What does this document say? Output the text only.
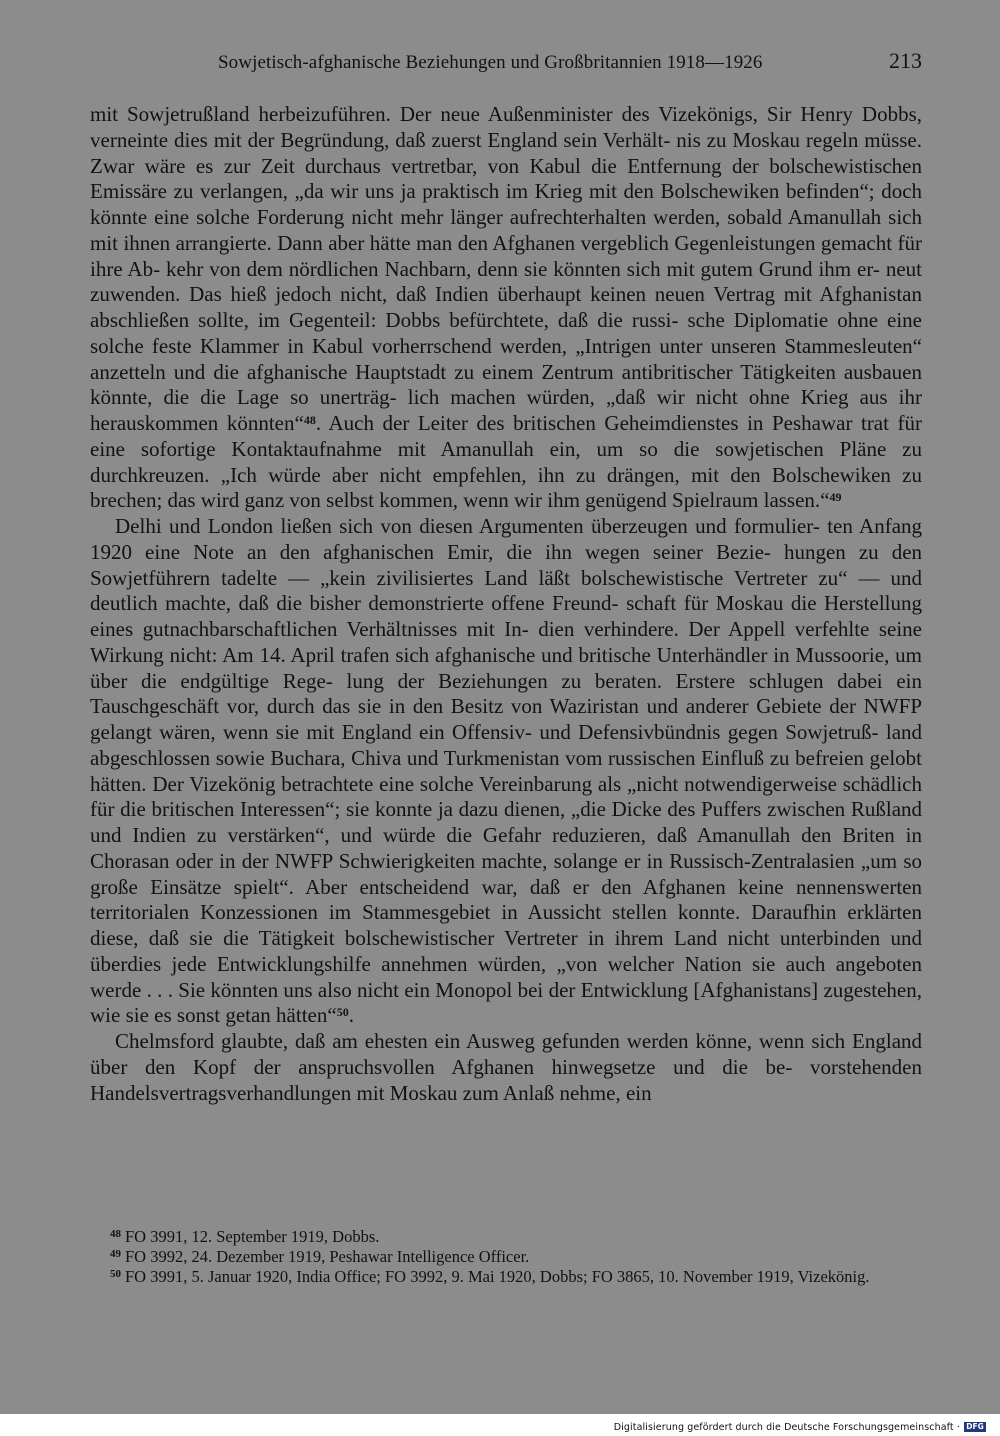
Sowjetisch-afghanische Beziehungen und Großbritannien 1918—1926	213

mit Sowjetrußland herbeizuführen. Der neue Außenminister des Vizekönigs, Sir Henry Dobbs, verneinte dies mit der Begründung, daß zuerst England sein Verhält- nis zu Moskau regeln müsse. Zwar wäre es zur Zeit durchaus vertretbar, von Kabul die Entfernung der bolschewistischen Emissäre zu verlangen, „da wir uns ja praktisch im Krieg mit den Bolschewiken befinden“; doch könnte eine solche Forderung nicht mehr länger aufrechterhalten werden, sobald Amanullah sich mit ihnen arrangierte. Dann aber hätte man den Afghanen vergeblich Gegenleistungen gemacht für ihre Ab- kehr von dem nördlichen Nachbarn, denn sie könnten sich mit gutem Grund ihm er- neut zuwenden. Das hieß jedoch nicht, daß Indien überhaupt keinen neuen Vertrag mit Afghanistan abschließen sollte, im Gegenteil: Dobbs befürchtete, daß die russi- sche Diplomatie ohne eine solche feste Klammer in Kabul vorherrschend werden, „Intrigen unter unseren Stammesleuten“ anzetteln und die afghanische Hauptstadt zu einem Zentrum antibritischer Tätigkeiten ausbauen könnte, die die Lage so unerträg- lich machen würden, „daß wir nicht ohne Krieg aus ihr herauskommen könnten“$^{48}$. Auch der Leiter des britischen Geheimdienstes in Peshawar trat für eine sofortige Kontaktaufnahme mit Amanullah ein, um so die sowjetischen Pläne zu durchkreuzen. „Ich würde aber nicht empfehlen, ihn zu drängen, mit den Bolschewiken zu brechen; das wird ganz von selbst kommen, wenn wir ihm genügend Spielraum lassen.“$^{49}$

Delhi und London ließen sich von diesen Argumenten überzeugen und formulier- ten Anfang 1920 eine Note an den afghanischen Emir, die ihn wegen seiner Bezie- hungen zu den Sowjetführern tadelte — „kein zivilisiertes Land läßt bolschewistische Vertreter zu“ — und deutlich machte, daß die bisher demonstrierte offene Freund- schaft für Moskau die Herstellung eines gutnachbarschaftlichen Verhältnisses mit In- dien verhindere. Der Appell verfehlte seine Wirkung nicht: Am 14. April trafen sich afghanische und britische Unterhändler in Mussoorie, um über die endgültige Rege- lung der Beziehungen zu beraten. Erstere schlugen dabei ein Tauschgeschäft vor, durch das sie in den Besitz von Waziristan und anderer Gebiete der NWFP gelangt wären, wenn sie mit England ein Offensiv- und Defensivbündnis gegen Sowjetruß- land abgeschlossen sowie Buchara, Chiva und Turkmenistan vom russischen Einfluß zu befreien gelobt hätten. Der Vizekönig betrachtete eine solche Vereinbarung als „nicht notwendigerweise schädlich für die britischen Interessen“; sie konnte ja dazu dienen, „die Dicke des Puffers zwischen Rußland und Indien zu verstärken“, und würde die Gefahr reduzieren, daß Amanullah den Briten in Chorasan oder in der NWFP Schwierigkeiten machte, solange er in Russisch-Zentralasien „um so große Einsätze spielt“. Aber entscheidend war, daß er den Afghanen keine nennenswerten territorialen Konzessionen im Stammesgebiet in Aussicht stellen konnte. Daraufhin erklärten diese, daß sie die Tätigkeit bolschewistischer Vertreter in ihrem Land nicht unterbinden und überdies jede Entwicklungshilfe annehmen würden, „von welcher Nation sie auch angeboten werde . . . Sie könnten uns also nicht ein Monopol bei der Entwicklung [Afghanistans] zugestehen, wie sie es sonst getan hätten“$^{50}$.

Chelmsford glaubte, daß am ehesten ein Ausweg gefunden werden könne, wenn sich England über den Kopf der anspruchsvollen Afghanen hinwegsetze und die be- vorstehenden Handelsvertragsverhandlungen mit Moskau zum Anlaß nehme, ein

$^{48}$ FO 3991, 12. September 1919, Dobbs.

$^{49}$ FO 3992, 24. Dezember 1919, Peshawar Intelligence Officer.

$^{50}$ FO 3991, 5. Januar 1920, India Office; FO 3992, 9. Mai 1920, Dobbs; FO 3865, 10. November 1919, Vizekönig.

Digitalisierung gefördert durch die Deutsche Forschungsgemeinschaft · DFG
